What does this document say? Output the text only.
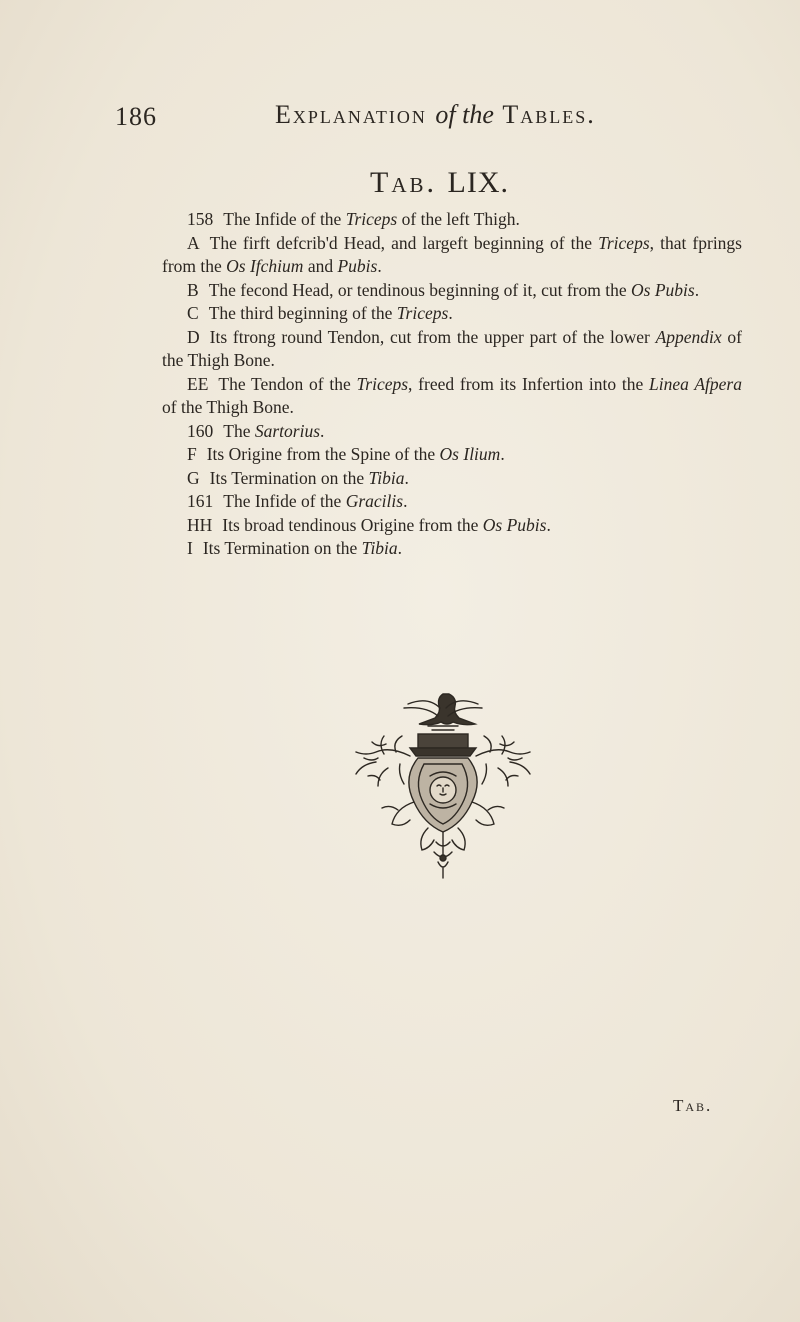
186	Explanation of the Tables.
Tab. LIX.

158 The Infide of the Triceps of the left Thigh.

A The firft defcrib'd Head, and largeft beginning of the Triceps, that fprings from the Os Ifchium and Pubis.

B The fecond Head, or tendinous beginning of it, cut from the Os Pubis.

C The third beginning of the Triceps.

D Its ftrong round Tendon, cut from the upper part of the lower Appendix of the Thigh Bone.

EE The Tendon of the Triceps, freed from its Infertion into the Linea Afpera of the Thigh Bone.

160 The Sartorius.

F Its Origine from the Spine of the Os Ilium.

G Its Termination on the Tibia.

161 The Infide of the Gracilis.

HH Its broad tendinous Origine from the Os Pubis.

I Its Termination on the Tibia.

Tab.
